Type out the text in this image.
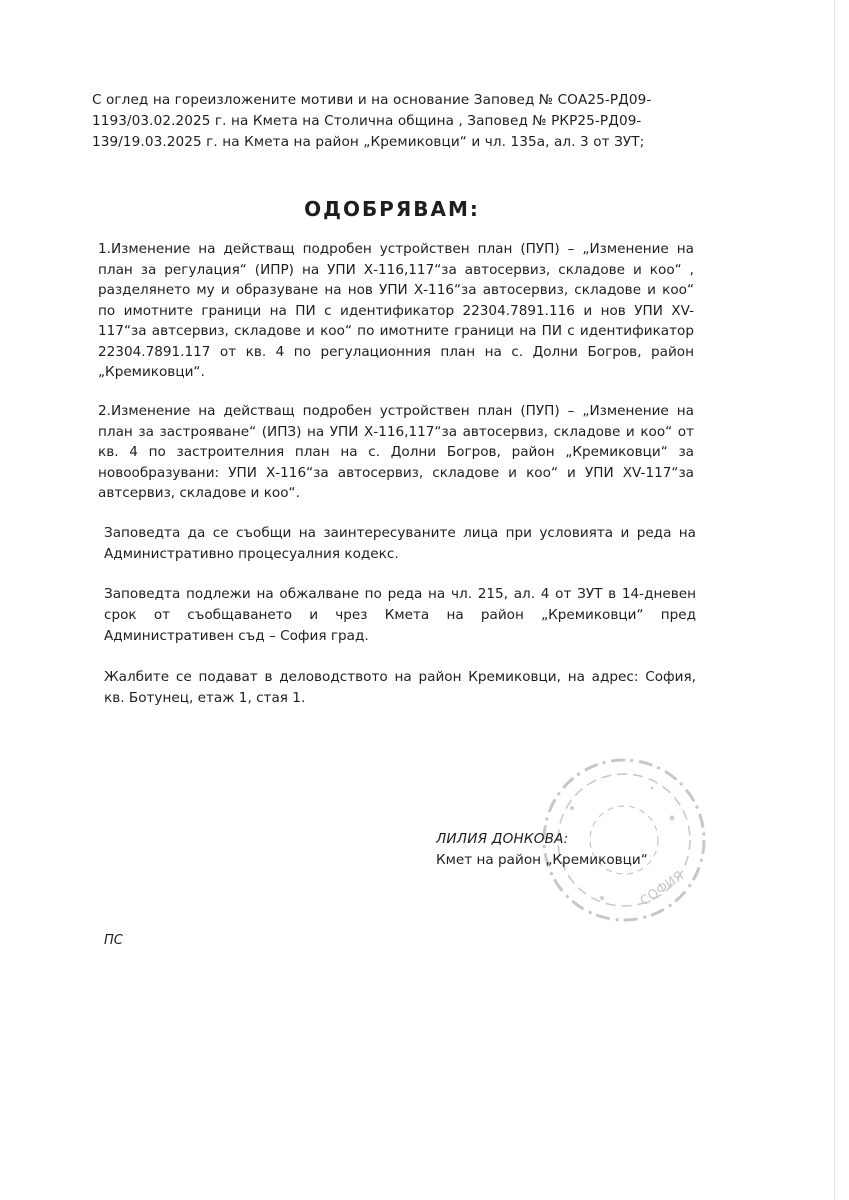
С оглед на гореизложените мотиви и на основание Заповед № СОА25-РД09-1193/03.02.2025 г. на Кмета на Столична община , Заповед № РКР25-РД09-139/19.03.2025 г. на Кмета на район „Кремиковци“ и чл. 135а, ал. 3 от ЗУТ;
ОДОБРЯВАМ:
1.Изменение на действащ подробен устройствен план (ПУП) – „Изменение на план за регулация“ (ИПР) на УПИ Х-116,117“за автосервиз, складове и коо“ , разделянето му и образуване на нов УПИ Х-116“за автосервиз, складове и коо“ по имотните граници на ПИ с идентификатор 22304.7891.116 и нов УПИ ХV-117“за автсервиз, складове и коо“ по имотните граници на ПИ с идентификатор 22304.7891.117 от кв. 4 по регулационния план на с. Долни Богров, район „Кремиковци“.
2.Изменение на действащ подробен устройствен план (ПУП) – „Изменение на план за застрояване“ (ИПЗ) на УПИ Х-116,117“за автосервиз, складове и коо“ от кв. 4 по застроителния план на с. Долни Богров, район „Кремиковци“ за новообразувани: УПИ Х-116“за автосервиз, складове и коо“ и УПИ ХV-117“за автсервиз, складове и коо“.
Заповедта да се съобщи на заинтересуваните лица при условията и реда на Административно процесуалния кодекс.
Заповедта подлежи на обжалване по реда на чл. 215, ал. 4 от ЗУТ в 14-дневен срок от съобщаването и чрез Кмета на район „Кремиковци“ пред Административен съд – София град.
Жалбите се подават в деловодството на район Кремиковци, на адрес: София, кв. Ботунец, етаж 1, стая 1.
СОФИЯ
ЛИЛИЯ ДОНКОВА:
Кмет на район „Кремиковци“
ПС
